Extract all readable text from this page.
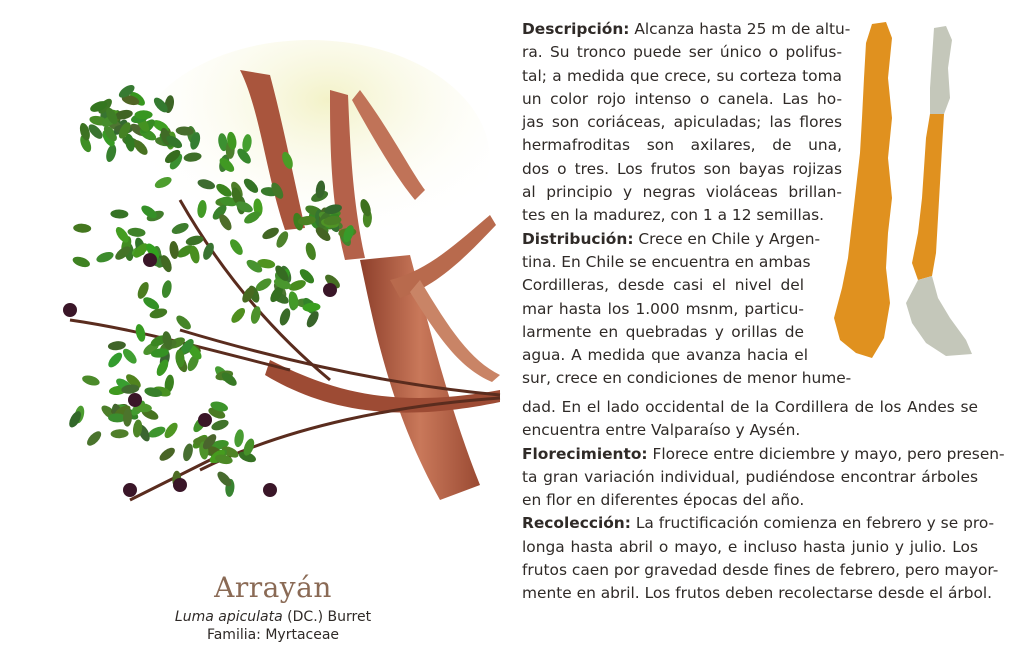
Arrayán
Luma apiculata (DC.) Burret
Familia: Myrtaceae
Descripción: Alcanza hasta 25 m de altu-
ra. Su tronco puede ser único o polifus-
tal; a medida que crece, su corteza toma
un color rojo intenso o canela. Las ho-
jas son coriáceas, apiculadas; las flores
hermafroditas son axilares, de una,
dos o tres. Los frutos son bayas rojizas
al principio y negras violáceas brillan-
tes en la madurez, con 1 a 12 semillas.
Distribución: Crece en Chile y Argen-
tina. En Chile se encuentra en ambas
Cordilleras, desde casi el nivel del
mar hasta los 1.000 msnm, particu-
larmente en quebradas y orillas de
agua. A medida que avanza hacia el
sur, crece en condiciones de menor hume-
dad. En el lado occidental de la Cordillera de los Andes se
encuentra entre Valparaíso y Aysén.
Florecimiento: Florece entre diciembre y mayo, pero presen-
ta gran variación individual, pudiéndose encontrar árboles
en flor en diferentes épocas del año.
Recolección: La fructificación comienza en febrero y se pro-
longa hasta abril o mayo, e incluso hasta junio y julio. Los
frutos caen por gravedad desde fines de febrero, pero mayor-
mente en abril. Los frutos deben recolectarse desde el árbol.
